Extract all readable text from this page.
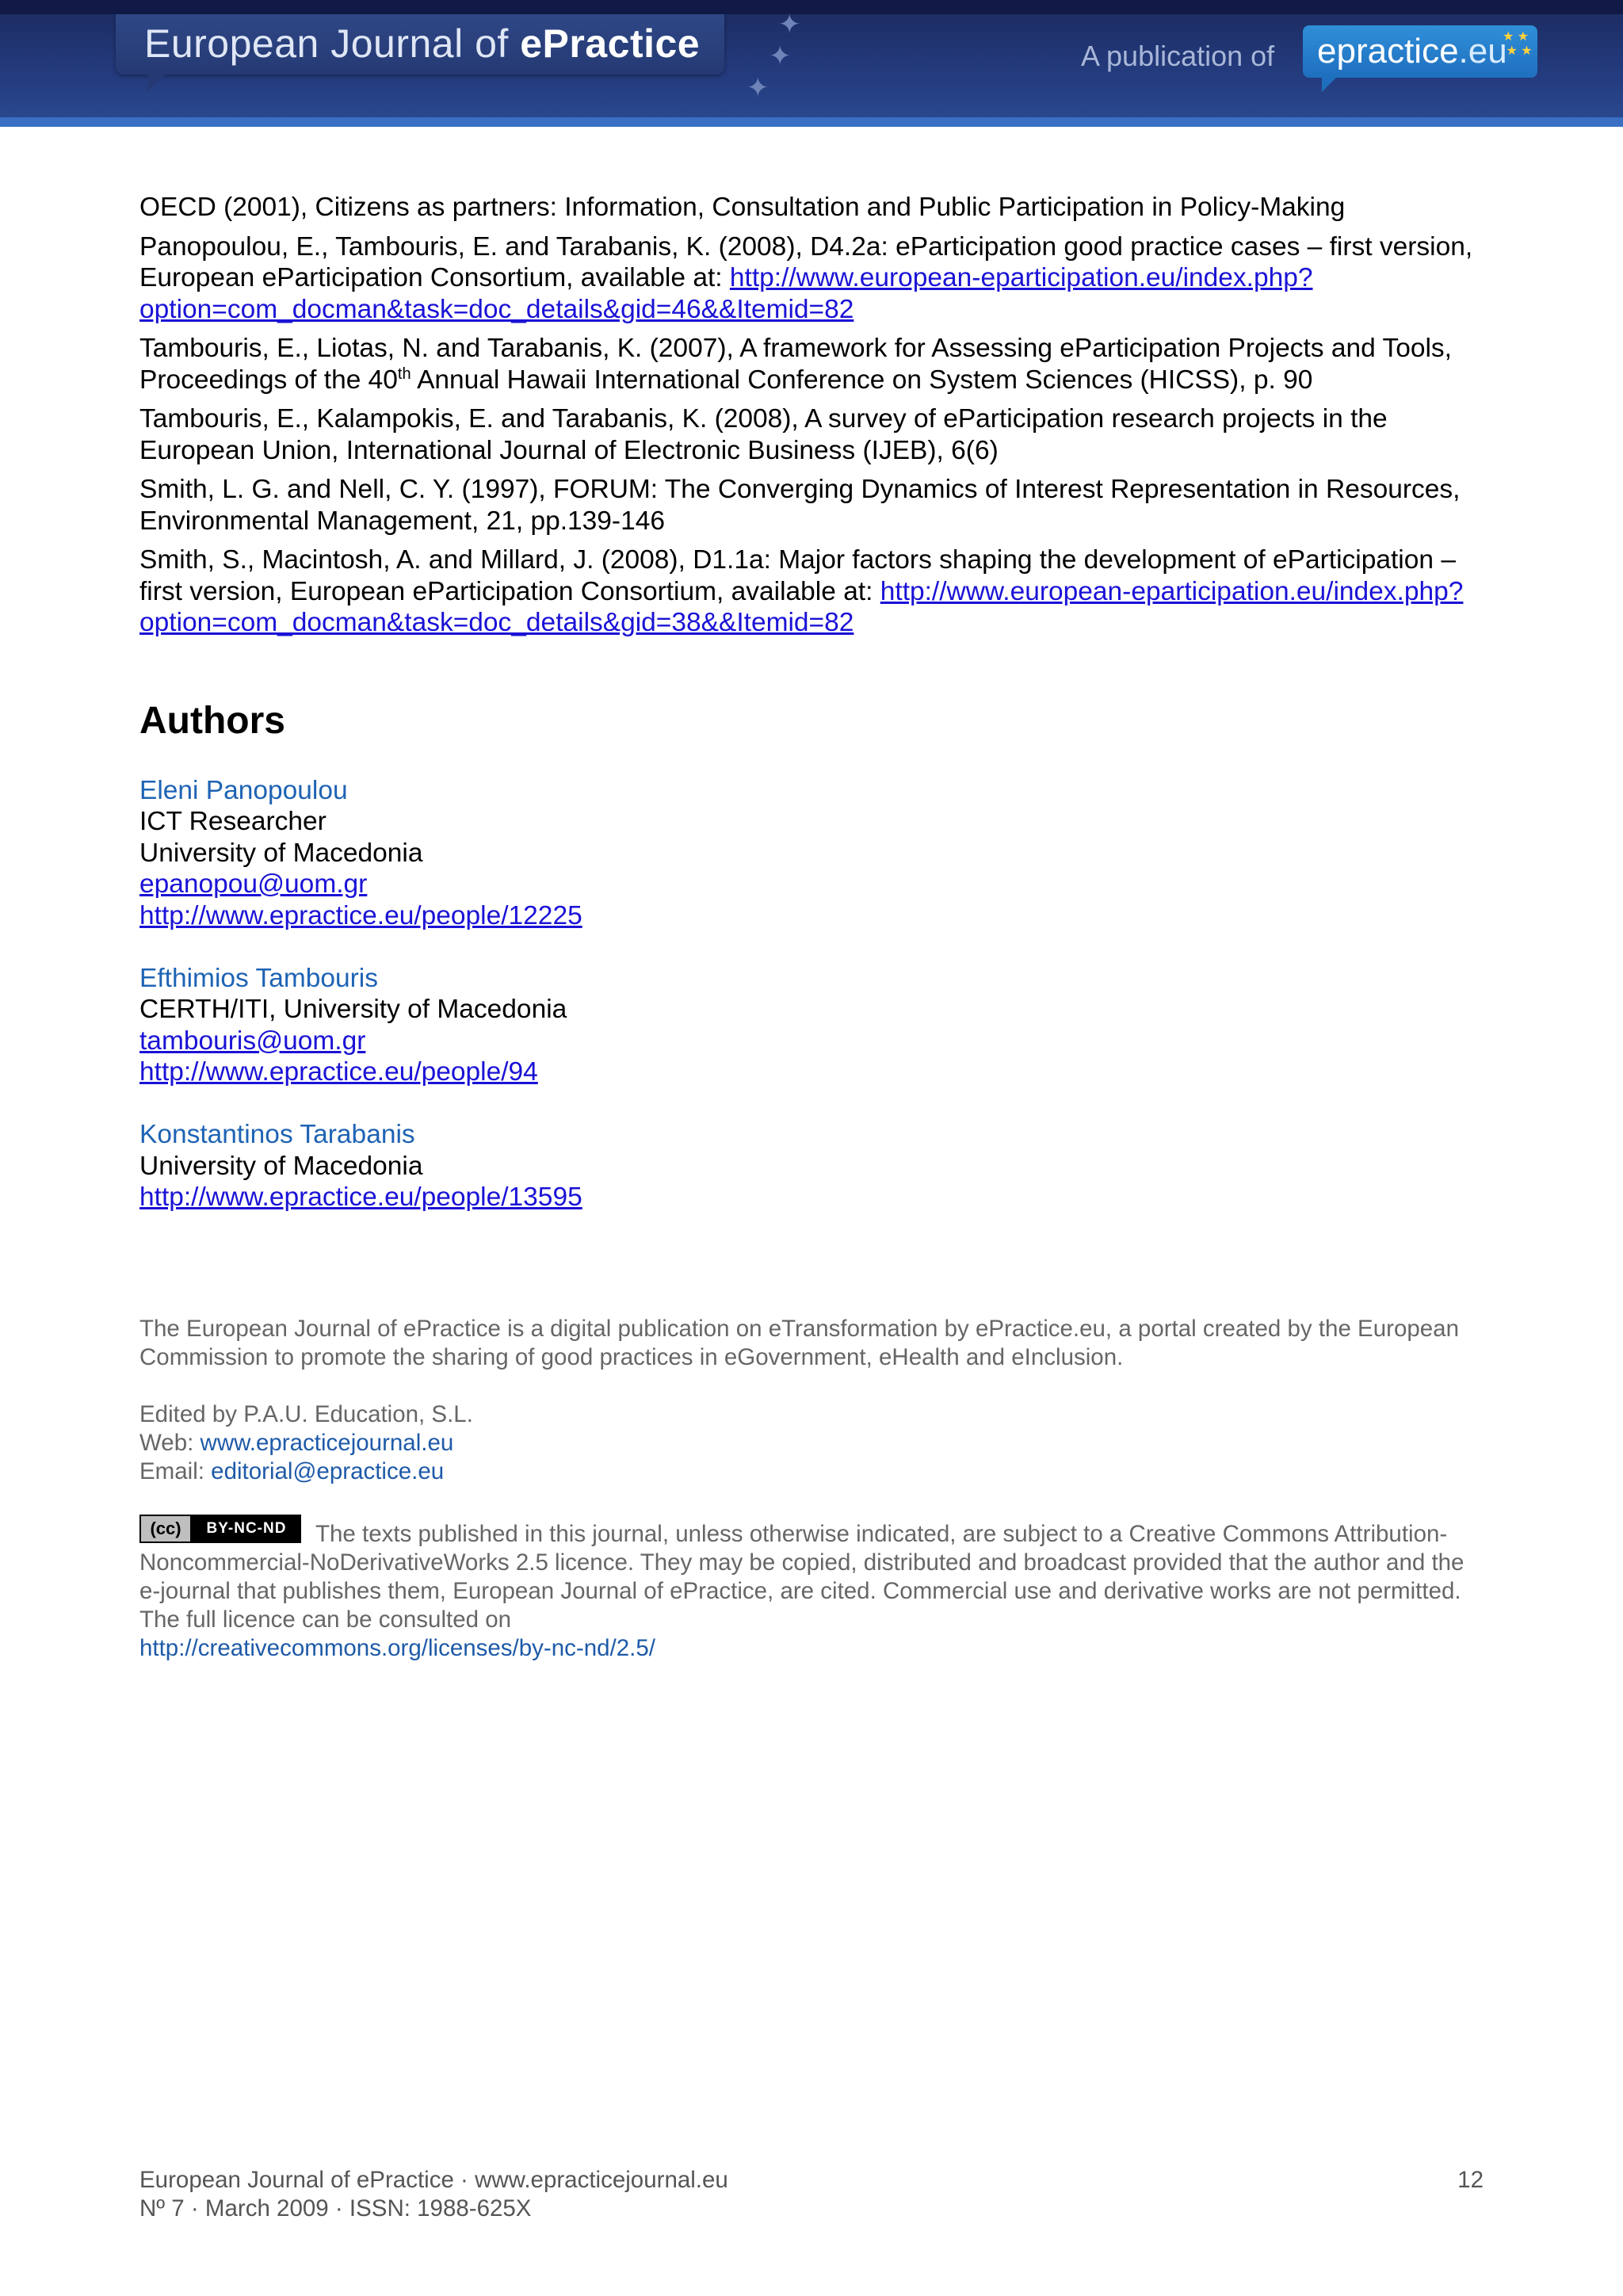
European Journal of ePractice	✦
✦
✦
A publication of epractice.eu
★ ★
★ ★

OECD (2001), Citizens as partners: Information, Consultation and Public Participation in Policy-Making

Panopoulou, E., Tambouris, E. and Tarabanis, K. (2008), D4.2a: eParticipation good practice cases – first version, European eParticipation Consortium, available at: http://www.european-eparticipation.eu/index.php?option=com_docman&task=doc_details&gid=46&&Itemid=82

Tambouris, E., Liotas, N. and Tarabanis, K. (2007), A framework for Assessing eParticipation Projects and Tools, Proceedings of the 40th Annual Hawaii International Conference on System Sciences (HICSS), p. 90

Tambouris, E., Kalampokis, E. and Tarabanis, K. (2008), A survey of eParticipation research projects in the European Union, International Journal of Electronic Business (IJEB), 6(6)

Smith, L. G. and Nell, C. Y. (1997), FORUM: The Converging Dynamics of Interest Representation in Resources, Environmental Management, 21, pp.139-146

Smith, S., Macintosh, A. and Millard, J. (2008), D1.1a: Major factors shaping the development of eParticipation – first version, European eParticipation Consortium, available at: http://www.european-eparticipation.eu/index.php?option=com_docman&task=doc_details&gid=38&&Itemid=82

Authors
Eleni Panopoulou
ICT Researcher
University of Macedonia
epanopou@uom.gr
http://www.epractice.eu/people/12225
Efthimios Tambouris
CERTH/ITI, University of Macedonia
tambouris@uom.gr
http://www.epractice.eu/people/94
Konstantinos Tarabanis
University of Macedonia
http://www.epractice.eu/people/13595

The European Journal of ePractice is a digital publication on eTransformation by ePractice.eu, a portal created by the European Commission to promote the sharing of good practices in eGovernment, eHealth and eInclusion.

Edited by P.A.U. Education, S.L.

Web: www.epracticejournal.eu

Email: editorial@epractice.eu

(cc)	BY-NC-ND	The texts published in this journal, unless otherwise indicated, are subject to a Creative Commons Attribution-Noncommercial-NoDerivativeWorks 2.5 licence. They may be copied, distributed and broadcast provided that the author and the e-journal that publishes them, European Journal of ePractice, are cited. Commercial use and derivative works are not permitted. The full licence can be consulted on
http://creativecommons.org/licenses/by-nc-nd/2.5/

European Journal of ePractice · www.epracticejournal.eu
Nº 7 · March 2009 · ISSN: 1988-625X
12
